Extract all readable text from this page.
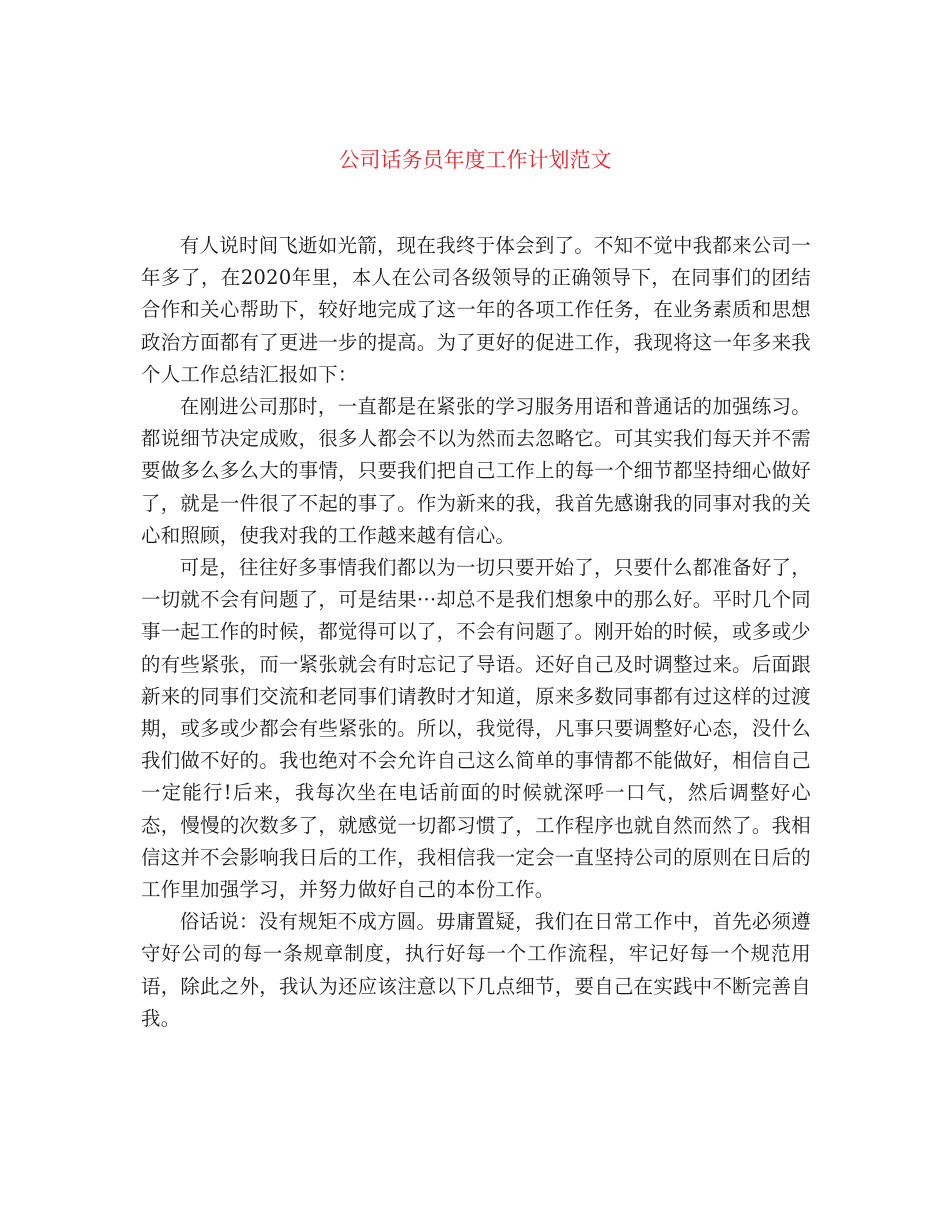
公司话务员年度工作计划范文

有人说时间飞逝如光箭，现在我终于体会到了。不知不觉中我都来公司一年多了，在2020年里，本人在公司各级领导的正确领导下，在同事们的团结合作和关心帮助下，较好地完成了这一年的各项工作任务，在业务素质和思想政治方面都有了更进一步的提高。为了更好的促进工作，我现将这一年多来我个人工作总结汇报如下：

在刚进公司那时，一直都是在紧张的学习服务用语和普通话的加强练习。都说细节决定成败，很多人都会不以为然而去忽略它。可其实我们每天并不需要做多么多么大的事情，只要我们把自己工作上的每一个细节都坚持细心做好了，就是一件很了不起的事了。作为新来的我，我首先感谢我的同事对我的关心和照顾，使我对我的工作越来越有信心。

可是，往往好多事情我们都以为一切只要开始了，只要什么都准备好了，一切就不会有问题了，可是结果···却总不是我们想象中的那么好。平时几个同事一起工作的时候，都觉得可以了，不会有问题了。刚开始的时候，或多或少的有些紧张，而一紧张就会有时忘记了导语。还好自己及时调整过来。后面跟新来的同事们交流和老同事们请教时才知道，原来多数同事都有过这样的过渡期，或多或少都会有些紧张的。所以，我觉得，凡事只要调整好心态，没什么我们做不好的。我也绝对不会允许自己这么简单的事情都不能做好，相信自己一定能行!后来，我每次坐在电话前面的时候就深呼一口气，然后调整好心态，慢慢的次数多了，就感觉一切都习惯了，工作程序也就自然而然了。我相信这并不会影响我日后的工作，我相信我一定会一直坚持公司的原则在日后的工作里加强学习，并努力做好自己的本份工作。

俗话说：没有规矩不成方圆。毋庸置疑，我们在日常工作中，首先必须遵守好公司的每一条规章制度，执行好每一个工作流程，牢记好每一个规范用语，除此之外，我认为还应该注意以下几点细节，要自己在实践中不断完善自我。
